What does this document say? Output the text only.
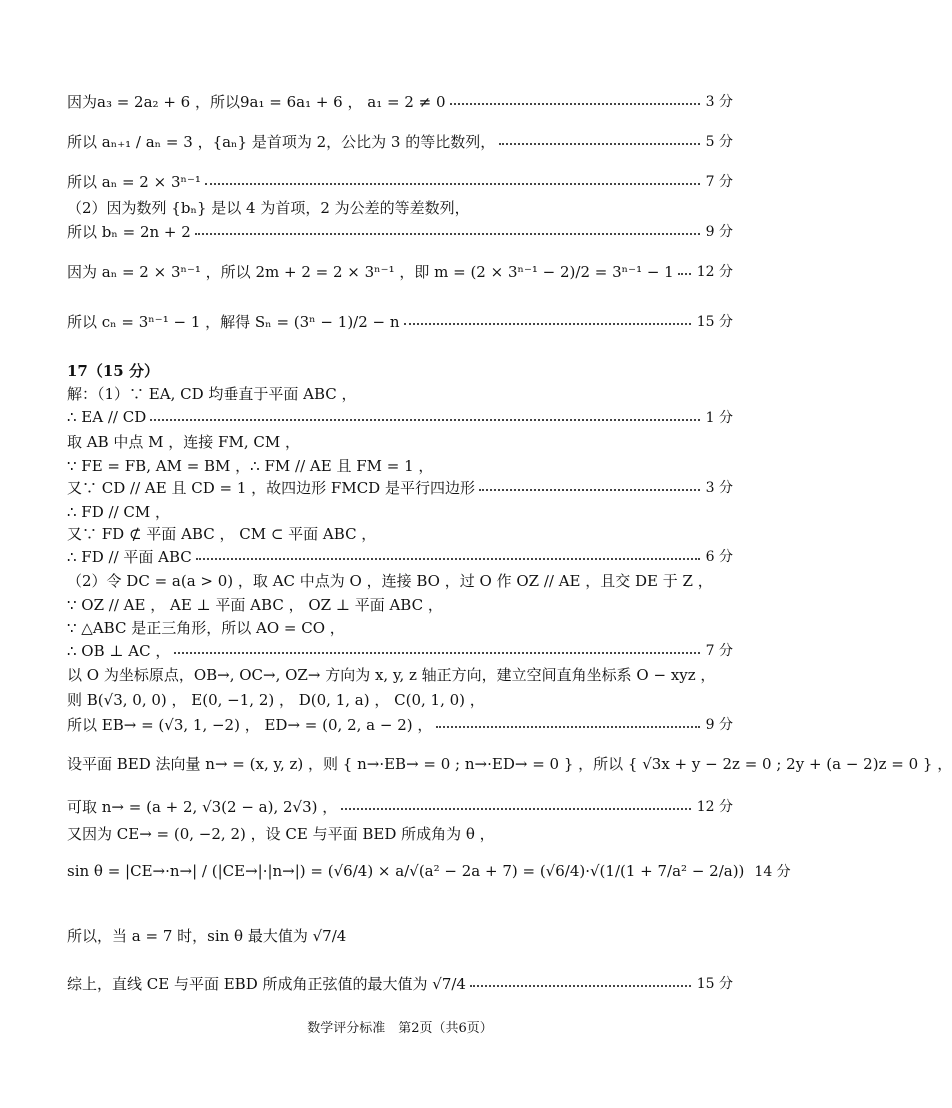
因为a₃ = 2a₂ + 6 ，所以9a₁ = 6a₁ + 6 ， a₁ = 2 ≠ 0	3 分
所以 aₙ₊₁ / aₙ = 3 ，{aₙ} 是首项为 2，公比为 3 的等比数列，	5 分
所以 aₙ = 2 × 3ⁿ⁻¹	7 分
（2）因为数列 {bₙ} 是以 4 为首项，2 为公差的等差数列，
所以 bₙ = 2n + 2	9 分
因为 aₙ = 2 × 3ⁿ⁻¹ ，所以 2m + 2 = 2 × 3ⁿ⁻¹ ，即 m = (2 × 3ⁿ⁻¹ − 2)/2 = 3ⁿ⁻¹ − 1 12 分
所以 cₙ = 3ⁿ⁻¹ − 1 ，解得 Sₙ = (3ⁿ − 1)/2 − n	15 分
17（15 分）
解：（1）∵ EA, CD 均垂直于平面 ABC ，
∴ EA // CD	1 分
取 AB 中点 M ，连接 FM, CM ，
∵ FE = FB, AM = BM ，∴ FM // AE 且 FM = 1 ，
又∵ CD // AE 且 CD = 1 ，故四边形 FMCD 是平行四边形	3 分
∴ FD // CM ，
又∵ FD ⊄ 平面 ABC ， CM ⊂ 平面 ABC ，
∴ FD // 平面 ABC	6 分
（2）令 DC = a(a > 0) ，取 AC 中点为 O ，连接 BO ，过 O 作 OZ // AE ，且交 DE 于 Z ，
∵ OZ // AE ， AE ⊥ 平面 ABC ， OZ ⊥ 平面 ABC ，
∵ △ABC 是正三角形，所以 AO = CO ，
∴ OB ⊥ AC ，	7 分
以 O 为坐标原点，OB→, OC→, OZ→ 方向为 x, y, z 轴正方向，建立空间直角坐标系 O − xyz ，
则 B(√3, 0, 0) ， E(0, −1, 2) ， D(0, 1, a) ， C(0, 1, 0) ，
所以 EB→ = (√3, 1, −2) ， ED→ = (0, 2, a − 2) ，	9 分
设平面 BED 法向量 n→ = (x, y, z) ，则 { n→·EB→ = 0 ; n→·ED→ = 0 } ，所以 { √3x + y − 2z = 0 ; 2y + (a − 2)z = 0 } ，
可取 n→ = (a + 2, √3(2 − a), 2√3) ，	12 分
又因为 CE→ = (0, −2, 2) ，设 CE 与平面 BED 所成角为 θ ，
sin θ = |CE→·n→| / (|CE→|·|n→|) = (√6/4) × a/√(a² − 2a + 7) = (√6/4)·√(1/(1 + 7/a² − 2/a)) 14 分
所以，当 a = 7 时，sin θ 最大值为 √7/4
综上，直线 CE 与平面 EBD 所成角正弦值的最大值为 √7/4	15 分
数学评分标准　第2页（共6页）
